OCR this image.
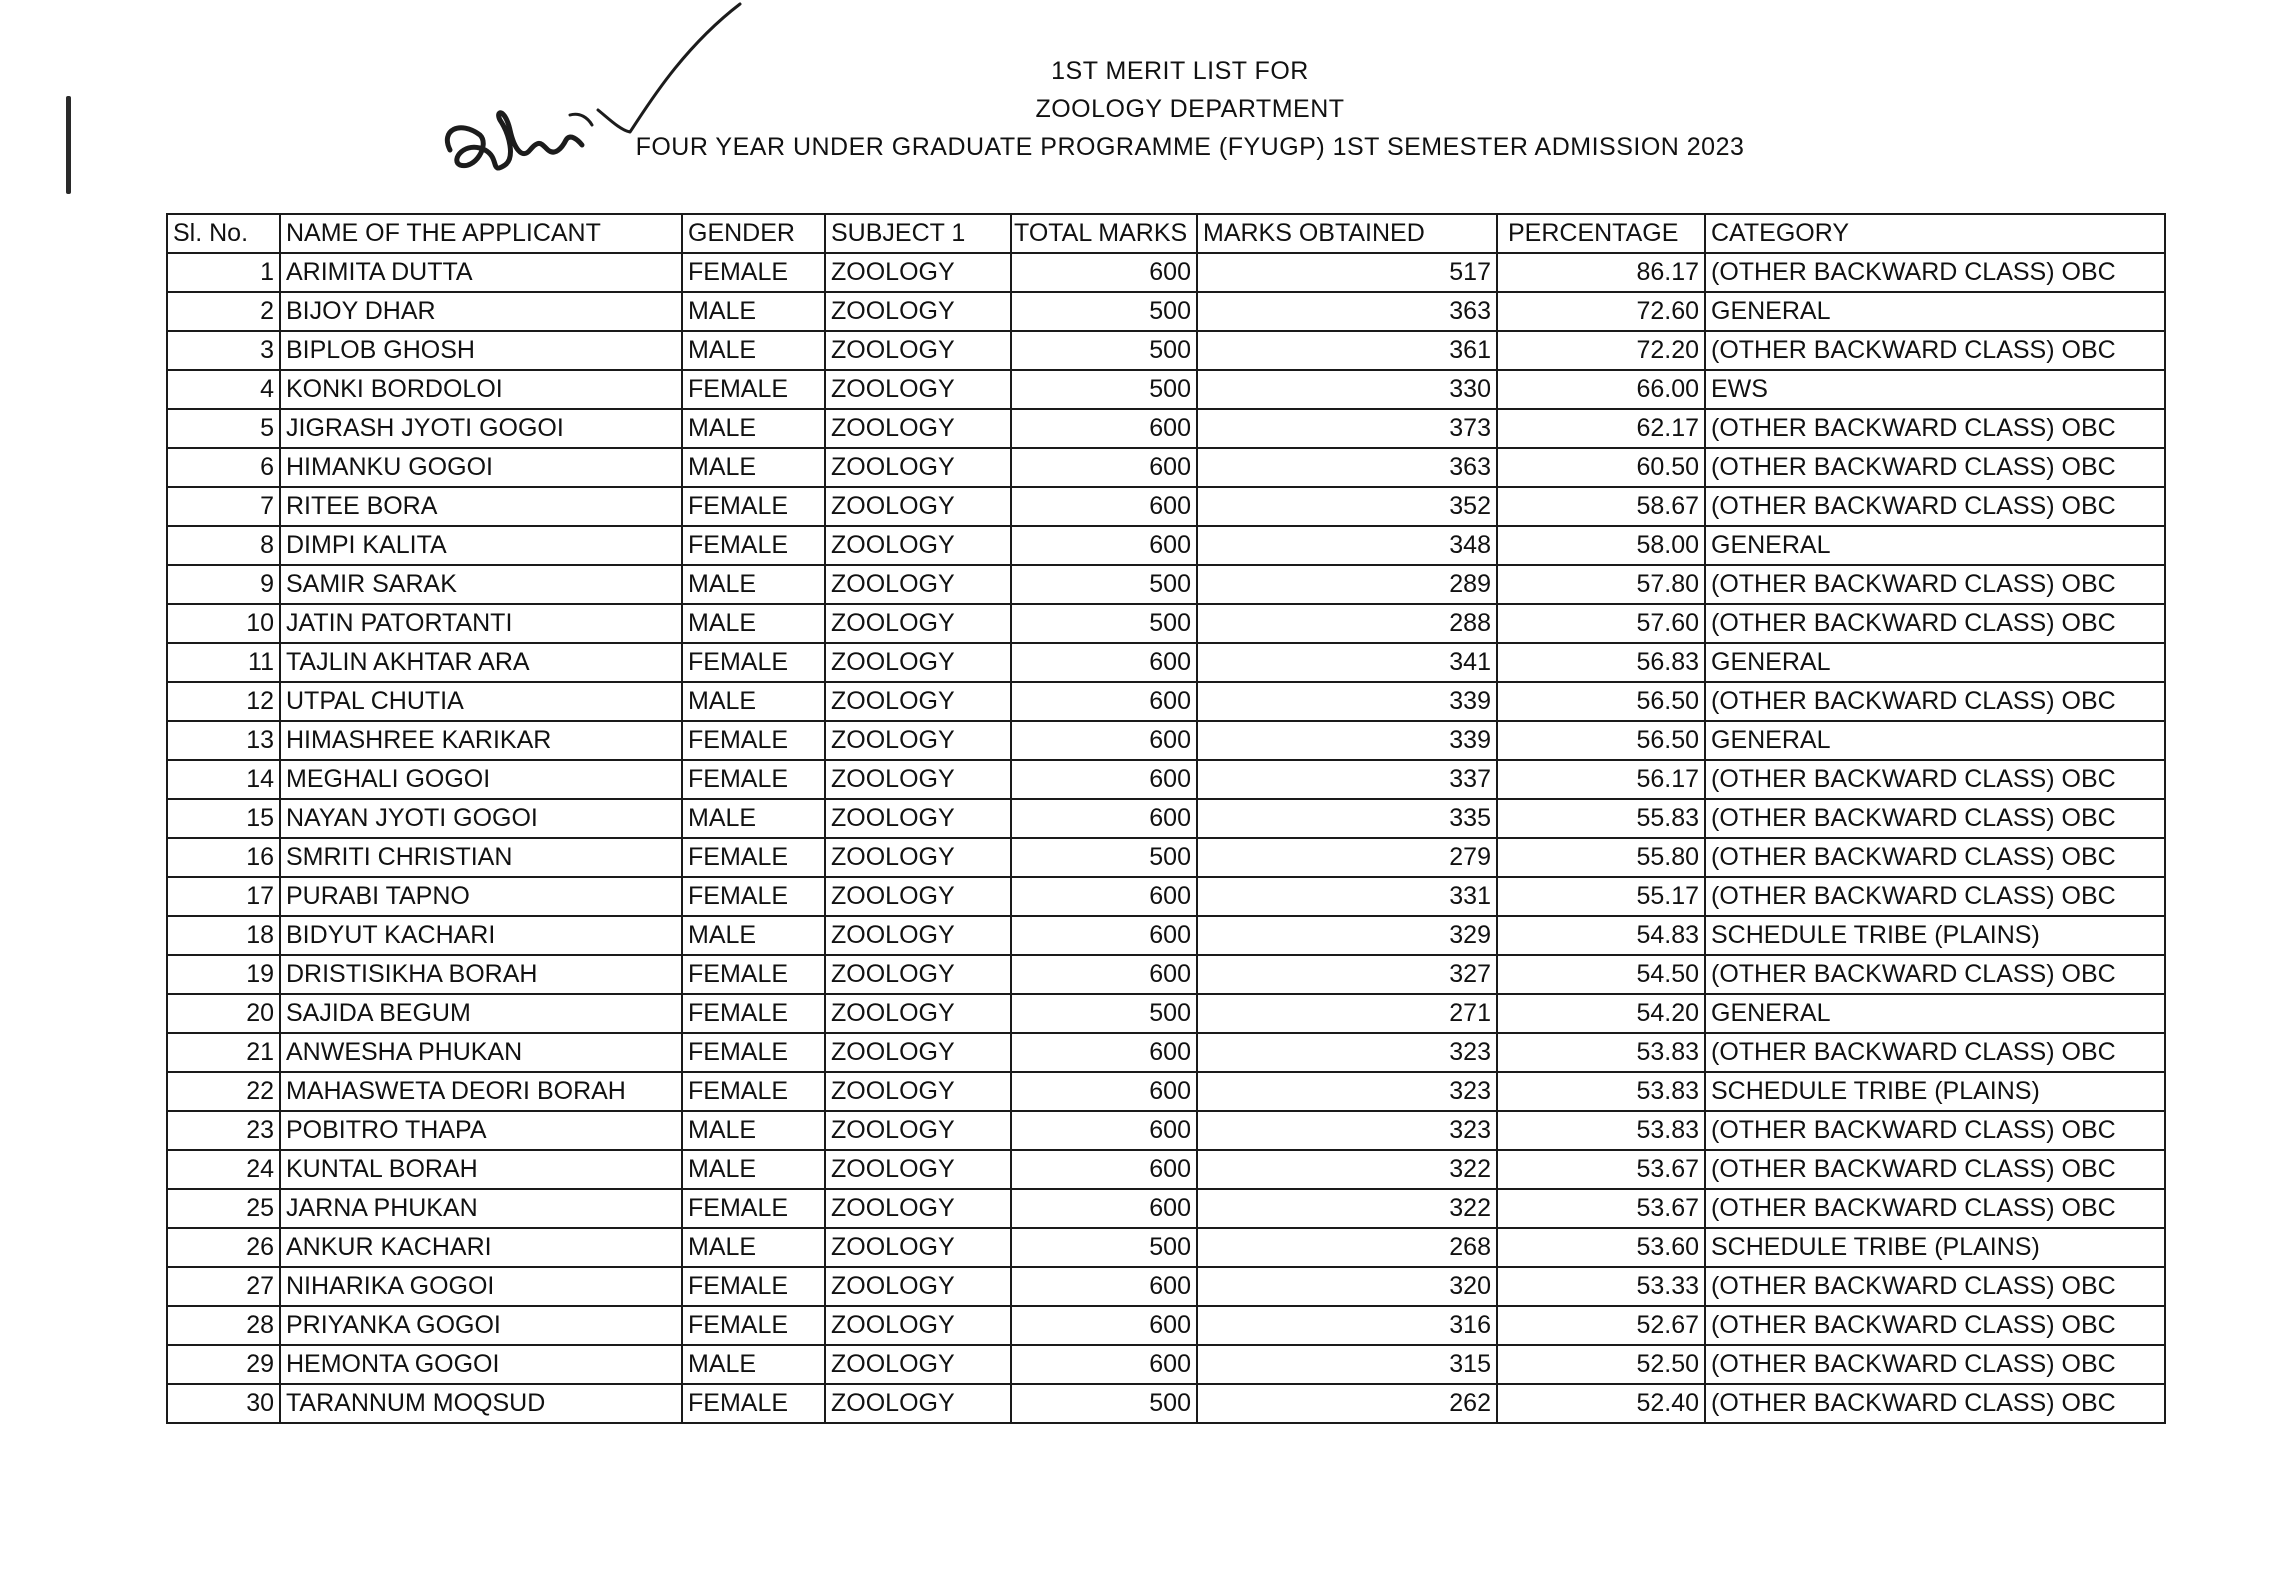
1ST MERIT LIST FOR
ZOOLOGY DEPARTMENT
FOUR YEAR UNDER GRADUATE PROGRAMME (FYUGP) 1ST SEMESTER ADMISSION 2023
Sl. No.	NAME OF THE APPLICANT	GENDER	SUBJECT 1	TOTAL MARKS	MARKS OBTAINED	PERCENTAGE	CATEGORY
1	ARIMITA DUTTA	FEMALE	ZOOLOGY	600	517	86.17	(OTHER BACKWARD CLASS) OBC
2	BIJOY DHAR	MALE	ZOOLOGY	500	363	72.60	GENERAL
3	BIPLOB GHOSH	MALE	ZOOLOGY	500	361	72.20	(OTHER BACKWARD CLASS) OBC
4	KONKI BORDOLOI	FEMALE	ZOOLOGY	500	330	66.00	EWS
5	JIGRASH JYOTI GOGOI	MALE	ZOOLOGY	600	373	62.17	(OTHER BACKWARD CLASS) OBC
6	HIMANKU GOGOI	MALE	ZOOLOGY	600	363	60.50	(OTHER BACKWARD CLASS) OBC
7	RITEE BORA	FEMALE	ZOOLOGY	600	352	58.67	(OTHER BACKWARD CLASS) OBC
8	DIMPI KALITA	FEMALE	ZOOLOGY	600	348	58.00	GENERAL
9	SAMIR SARAK	MALE	ZOOLOGY	500	289	57.80	(OTHER BACKWARD CLASS) OBC
10	JATIN PATORTANTI	MALE	ZOOLOGY	500	288	57.60	(OTHER BACKWARD CLASS) OBC
11	TAJLIN AKHTAR ARA	FEMALE	ZOOLOGY	600	341	56.83	GENERAL
12	UTPAL CHUTIA	MALE	ZOOLOGY	600	339	56.50	(OTHER BACKWARD CLASS) OBC
13	HIMASHREE KARIKAR	FEMALE	ZOOLOGY	600	339	56.50	GENERAL
14	MEGHALI GOGOI	FEMALE	ZOOLOGY	600	337	56.17	(OTHER BACKWARD CLASS) OBC
15	NAYAN JYOTI GOGOI	MALE	ZOOLOGY	600	335	55.83	(OTHER BACKWARD CLASS) OBC
16	SMRITI CHRISTIAN	FEMALE	ZOOLOGY	500	279	55.80	(OTHER BACKWARD CLASS) OBC
17	PURABI TAPNO	FEMALE	ZOOLOGY	600	331	55.17	(OTHER BACKWARD CLASS) OBC
18	BIDYUT KACHARI	MALE	ZOOLOGY	600	329	54.83	SCHEDULE TRIBE (PLAINS)
19	DRISTISIKHA BORAH	FEMALE	ZOOLOGY	600	327	54.50	(OTHER BACKWARD CLASS) OBC
20	SAJIDA BEGUM	FEMALE	ZOOLOGY	500	271	54.20	GENERAL
21	ANWESHA PHUKAN	FEMALE	ZOOLOGY	600	323	53.83	(OTHER BACKWARD CLASS) OBC
22	MAHASWETA DEORI BORAH	FEMALE	ZOOLOGY	600	323	53.83	SCHEDULE TRIBE (PLAINS)
23	POBITRO THAPA	MALE	ZOOLOGY	600	323	53.83	(OTHER BACKWARD CLASS) OBC
24	KUNTAL BORAH	MALE	ZOOLOGY	600	322	53.67	(OTHER BACKWARD CLASS) OBC
25	JARNA PHUKAN	FEMALE	ZOOLOGY	600	322	53.67	(OTHER BACKWARD CLASS) OBC
26	ANKUR KACHARI	MALE	ZOOLOGY	500	268	53.60	SCHEDULE TRIBE (PLAINS)
27	NIHARIKA GOGOI	FEMALE	ZOOLOGY	600	320	53.33	(OTHER BACKWARD CLASS) OBC
28	PRIYANKA GOGOI	FEMALE	ZOOLOGY	600	316	52.67	(OTHER BACKWARD CLASS) OBC
29	HEMONTA GOGOI	MALE	ZOOLOGY	600	315	52.50	(OTHER BACKWARD CLASS) OBC
30	TARANNUM MOQSUD	FEMALE	ZOOLOGY	500	262	52.40	(OTHER BACKWARD CLASS) OBC
